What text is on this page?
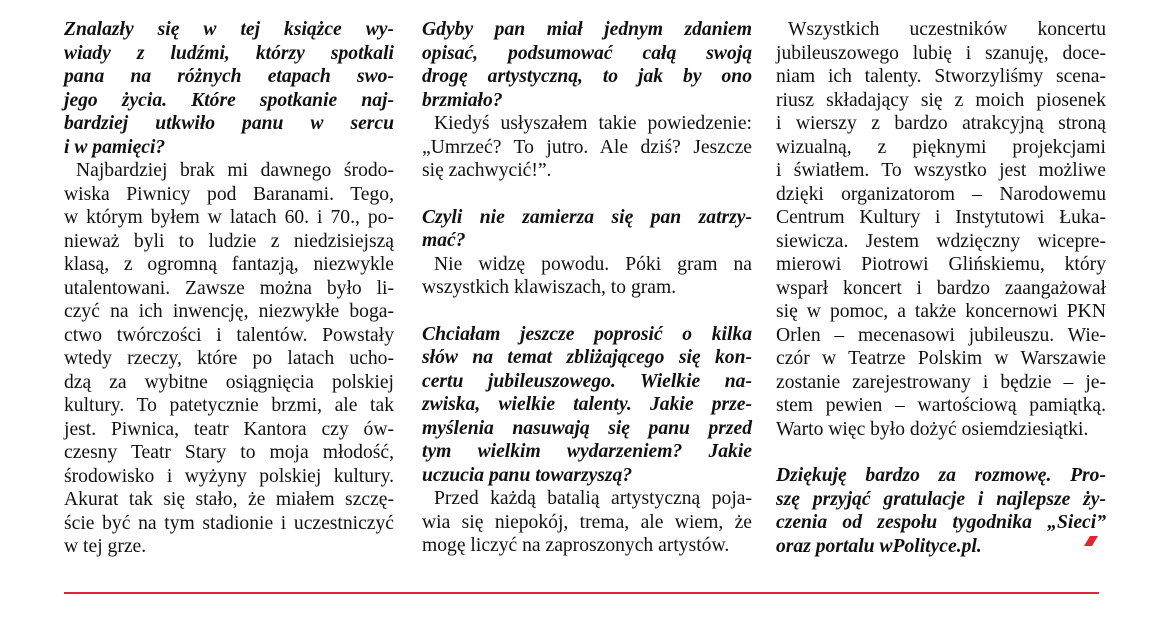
Znalazły się w tej książce wy-
wiady z ludźmi, którzy spotkali
pana na różnych etapach swo-
jego życia. Które spotkanie naj-
bardziej utkwiło panu w sercu
i w pamięci?
Najbardziej brak mi dawnego środo-
wiska Piwnicy pod Baranami. Tego,
w którym byłem w latach 60. i 70., po-
nieważ byli to ludzie z niedzisiejszą
klasą, z ogromną fantazją, niezwykle
utalentowani. Zawsze można było li-
czyć na ich inwencję, niezwykłe boga-
ctwo twórczości i talentów. Powstały
wtedy rzeczy, które po latach ucho-
dzą za wybitne osiągnięcia polskiej
kultury. To patetycznie brzmi, ale tak
jest. Piwnica, teatr Kantora czy ów-
czesny Teatr Stary to moja młodość,
środowisko i wyżyny polskiej kultury.
Akurat tak się stało, że miałem szczę-
ście być na tym stadionie i uczestniczyć
w tej grze.
Gdyby pan miał jednym zdaniem
opisać, podsumować całą swoją
drogę artystyczną, to jak by ono
brzmiało?
Kiedyś usłyszałem takie powiedzenie:
„Umrzeć? To jutro. Ale dziś? Jeszcze
się zachwycić!”.
Czyli nie zamierza się pan zatrzy-
mać?
Nie widzę powodu. Póki gram na
wszystkich klawiszach, to gram.
Chciałam jeszcze poprosić o kilka
słów na temat zbliżającego się kon-
certu jubileuszowego. Wielkie na-
zwiska, wielkie talenty. Jakie prze-
myślenia nasuwają się panu przed
tym wielkim wydarzeniem? Jakie
uczucia panu towarzyszą?
Przed każdą batalią artystyczną poja-
wia się niepokój, trema, ale wiem, że
mogę liczyć na zaproszonych artystów.
Wszystkich uczestników koncertu
jubileuszowego lubię i szanuję, doce-
niam ich talenty. Stworzyliśmy scena-
riusz składający się z moich piosenek
i wierszy z bardzo atrakcyjną stroną
wizualną, z pięknymi projekcjami
i światłem. To wszystko jest możliwe
dzięki organizatorom – Narodowemu
Centrum Kultury i Instytutowi Łuka-
siewicza. Jestem wdzięczny wicepre-
mierowi Piotrowi Glińskiemu, który
wsparł koncert i bardzo zaangażował
się w pomoc, a także koncernowi PKN
Orlen – mecenasowi jubileuszu. Wie-
czór w Teatrze Polskim w Warszawie
zostanie zarejestrowany i będzie – je-
stem pewien – wartościową pamiątką.
Warto więc było dożyć osiemdziesiątki.
Dziękuję bardzo za rozmowę. Pro-
szę przyjąć gratulacje i najlepsze ży-
czenia od zespołu tygodnika „Sieci”
oraz portalu wPolityce.pl.
